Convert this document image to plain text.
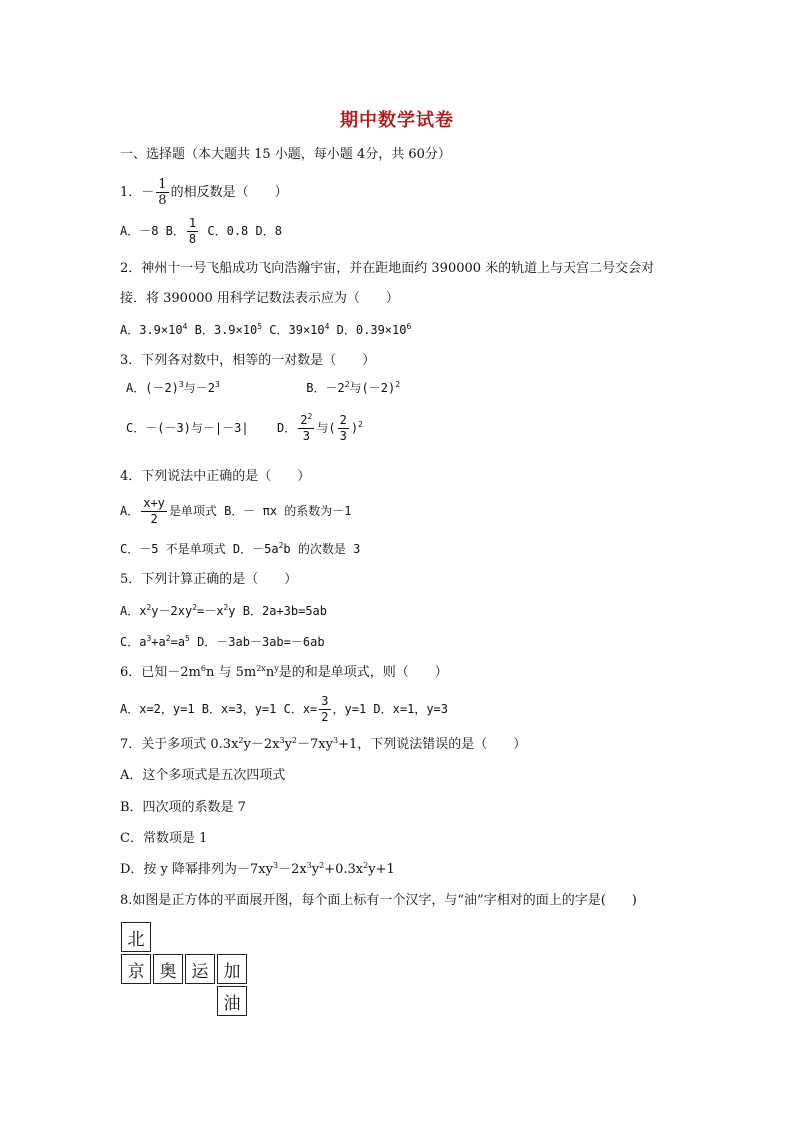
期中数学试卷
一、选择题（本大题共 15 小题，每小题 4分，共 60分）
1．－ $\frac{1}{8}$ 的相反数是（　　）
A．－8 B． $\frac{1}{8}$ C．0.8 D．8
2．神州十一号飞船成功飞向浩瀚宇宙，并在距地面约 390000 米的轨道上与天宫二号交会对
接．将 390000 用科学记数法表示应为（　　）
A．$3.9\times 10^4$ B．$3.9\times 10^5$ C．$39\times 10^4$ D．$0.39\times 10^6$
3．下列各对数中，相等的一对数是（　　）
A．$(-2)^3$与$-2^3$	B．$-2^2$与$(-2)^2$
C．－(－3)与－|－3| D． $\frac{2^2}{3}$ 与( $\frac{2}{3} )^2$
4．下列说法中正确的是（　　）
A． $\frac{x+y}{2}$ 是单项式 B．－ πx 的系数为－1
C．－5 不是单项式 D．$-5a^2b$ 的次数是 3
5．下列计算正确的是（　　）
A．$x^2y-2xy^2=-x^2y$ B．2a+3b=5ab
C．$a^3+a^2=a^5$ D．－3ab－3ab=－6ab
6．已知$-2m^6n$ 与 $5m^{2x}n^y$是的和是单项式，则（　　）
A．x=2，y=1 B．x=3，y=1 C．$x= \frac{3}{2}$ ，y=1 D．x=1，y=3
7．关于多项式 $0.3x^2y-2x^3y^2-7xy^3+1$，下列说法错误的是（　　）
A．这个多项式是五次四项式
B．四次项的系数是 7
C．常数项是 1
D．按 y 降幂排列为$-7xy^3-2x^3y^2+0.3x^2y+1$
8.如图是正方体的平面展开图，每个面上标有一个汉字，与“油”字相对的面上的字是(　　)
北
京 奥 运 加
油
